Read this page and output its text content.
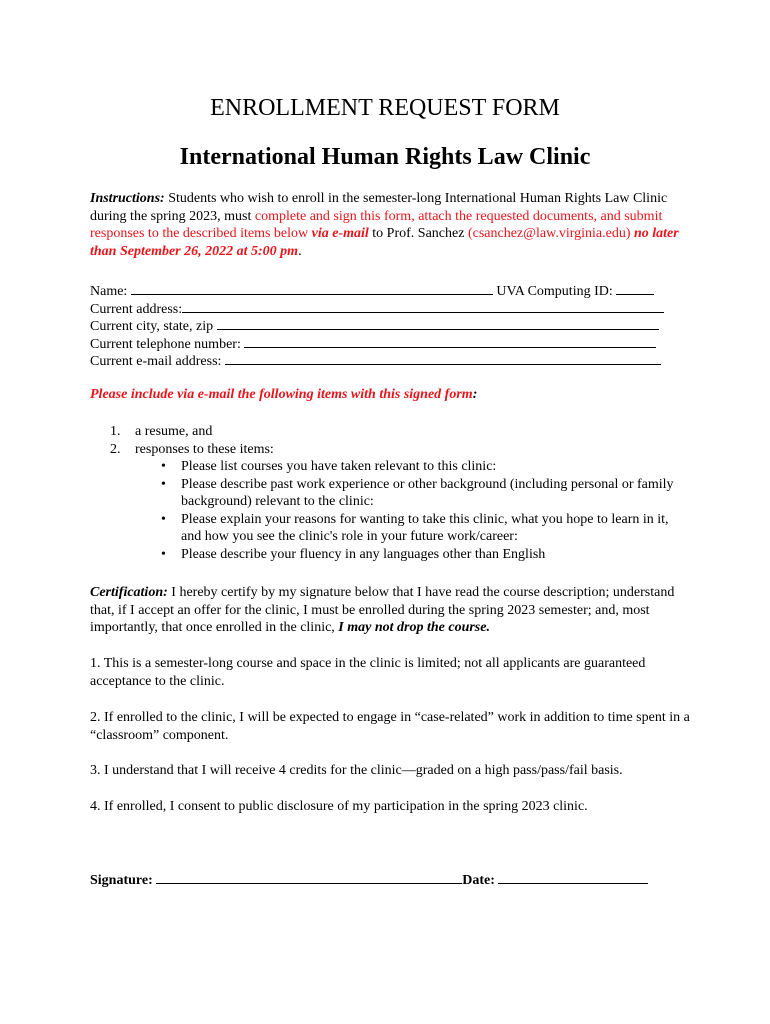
ENROLLMENT REQUEST FORM
International Human Rights Law Clinic
Instructions: Students who wish to enroll in the semester-long International Human Rights Law Clinic during the spring 2023, must complete and sign this form, attach the requested documents, and submit responses to the described items below via e-mail to Prof. Sanchez (csanchez@law.virginia.edu) no later than September 26, 2022 at 5:00 pm.
Name:	UVA Computing ID:
Current address:
Current city, state, zip
Current telephone number:
Current e-mail address:
Please include via e-mail the following items with this signed form:
1. a resume, and
2. responses to these items:
• Please list courses you have taken relevant to this clinic:
• Please describe past work experience or other background (including personal or family background) relevant to the clinic:
• Please explain your reasons for wanting to take this clinic, what you hope to learn in it, and how you see the clinic's role in your future work/career:
• Please describe your fluency in any languages other than English
Certification: I hereby certify by my signature below that I have read the course description; understand that, if I accept an offer for the clinic, I must be enrolled during the spring 2023 semester; and, most importantly, that once enrolled in the clinic, I may not drop the course.
1. This is a semester-long course and space in the clinic is limited; not all applicants are guaranteed acceptance to the clinic.
2. If enrolled to the clinic, I will be expected to engage in “case-related” work in addition to time spent in a “classroom” component.
3. I understand that I will receive 4 credits for the clinic—graded on a high pass/pass/fail basis.
4. If enrolled, I consent to public disclosure of my participation in the spring 2023 clinic.
Signature:	Date:
